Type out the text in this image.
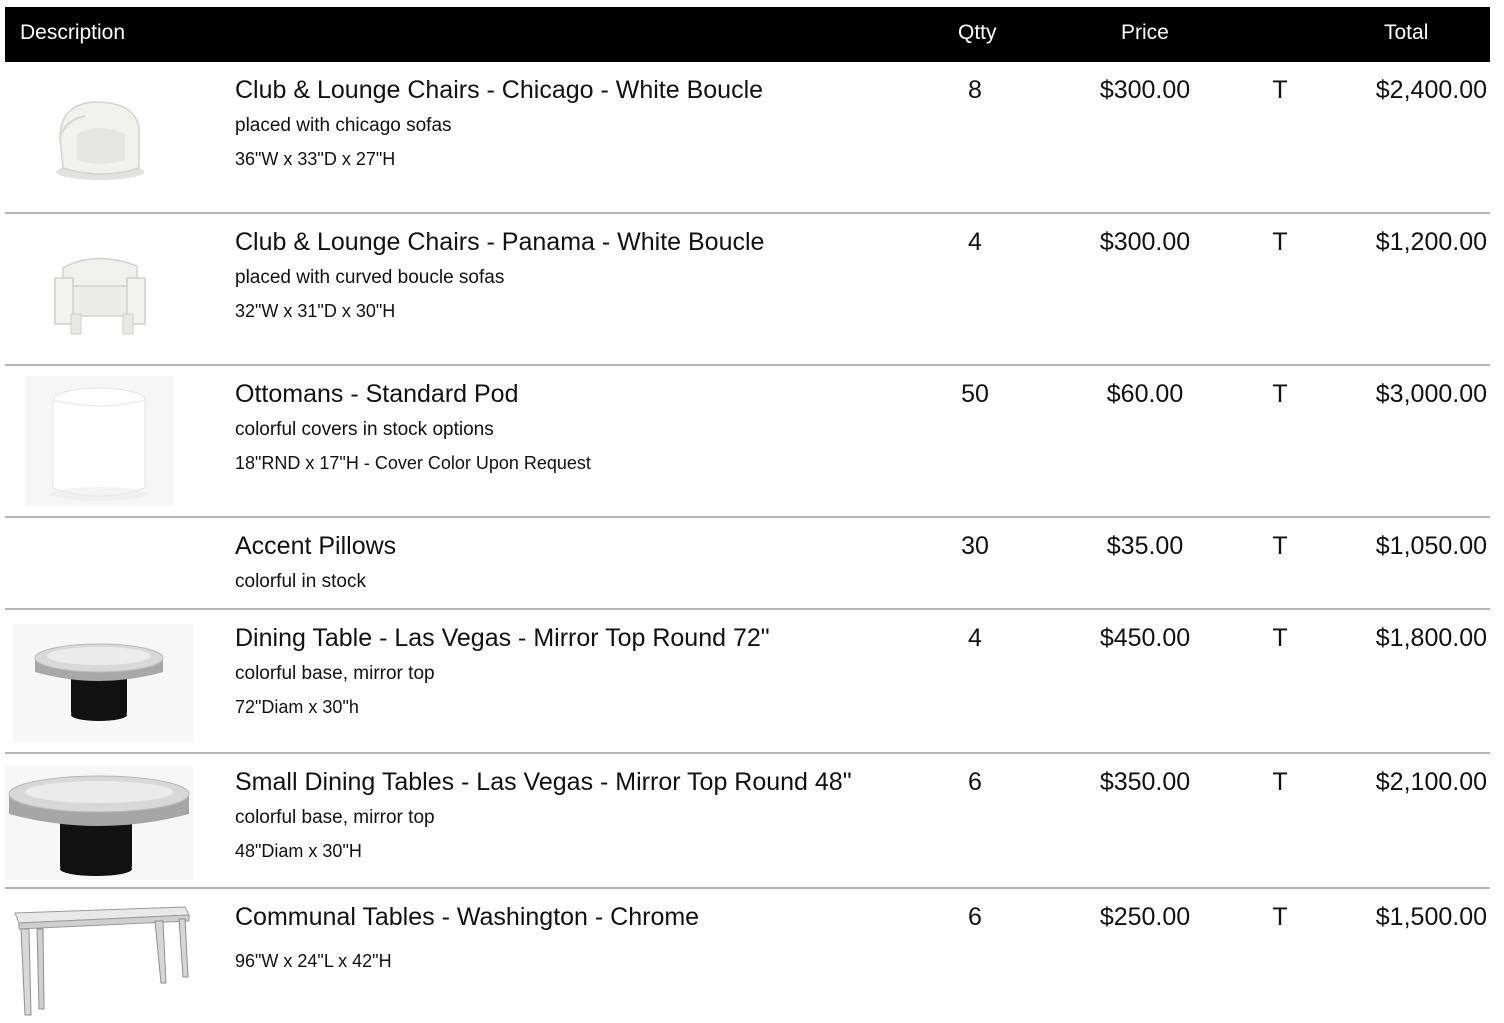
Description	Qtty	Price	Total
Club & Lounge Chairs - Chicago - White Boucle
placed with chicago sofas
36"W x 33"D x 27"H
8	$300.00	T	$2,400.00
Club & Lounge Chairs - Panama - White Boucle
placed with curved boucle sofas
32"W x 31"D x 30"H
4	$300.00	T	$1,200.00
Ottomans - Standard Pod
colorful covers in stock options
18"RND x 17"H - Cover Color Upon Request
50	$60.00	T	$3,000.00
Accent Pillows
colorful in stock
30	$35.00	T	$1,050.00
Dining Table - Las Vegas - Mirror Top Round 72"
colorful base, mirror top
72"Diam x 30"h
4	$450.00	T	$1,800.00
Small Dining Tables - Las Vegas - Mirror Top Round 48"
colorful base, mirror top
48"Diam x 30"H
6	$350.00	T	$2,100.00
Communal Tables - Washington - Chrome
96"W x 24"L x 42"H
6	$250.00	T	$1,500.00
